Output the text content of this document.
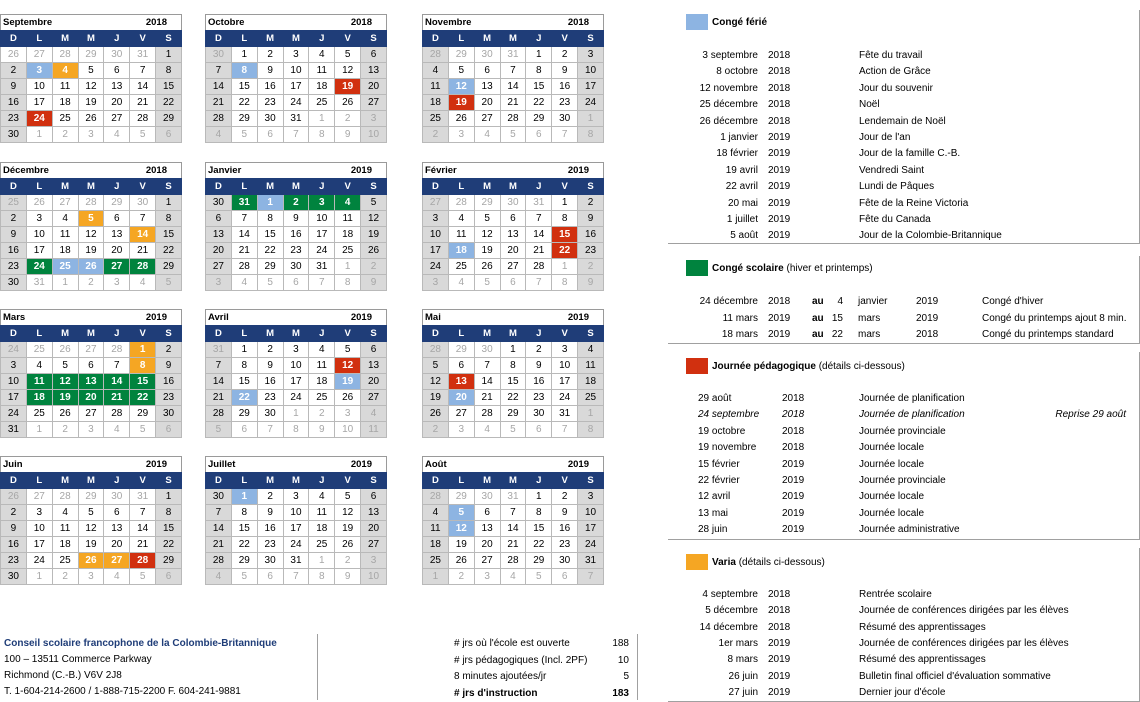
Septembre	2018
D	L	M	M	J	V	S
26	27	28	29	30	31	1
2	3	4	5	6	7	8
9	10	11	12	13	14	15
16	17	18	19	20	21	22
23	24	25	26	27	28	29
30	1	2	3	4	5	6
Octobre	2018
D	L	M	M	J	V	S
30	1	2	3	4	5	6
7	8	9	10	11	12	13
14	15	16	17	18	19	20
21	22	23	24	25	26	27
28	29	30	31	1	2	3
4	5	6	7	8	9	10
Novembre	2018
D	L	M	M	J	V	S
28	29	30	31	1	2	3
4	5	6	7	8	9	10
11	12	13	14	15	16	17
18	19	20	21	22	23	24
25	26	27	28	29	30	1
2	3	4	5	6	7	8
Décembre	2018
D	L	M	M	J	V	S
25	26	27	28	29	30	1
2	3	4	5	6	7	8
9	10	11	12	13	14	15
16	17	18	19	20	21	22
23	24	25	26	27	28	29
30	31	1	2	3	4	5
Janvier	2019
D	L	M	M	J	V	S
30	31	1	2	3	4	5
6	7	8	9	10	11	12
13	14	15	16	17	18	19
20	21	22	23	24	25	26
27	28	29	30	31	1	2
3	4	5	6	7	8	9
Février	2019
D	L	M	M	J	V	S
27	28	29	30	31	1	2
3	4	5	6	7	8	9
10	11	12	13	14	15	16
17	18	19	20	21	22	23
24	25	26	27	28	1	2
3	4	5	6	7	8	9
Mars	2019
D	L	M	M	J	V	S
24	25	26	27	28	1	2
3	4	5	6	7	8	9
10	11	12	13	14	15	16
17	18	19	20	21	22	23
24	25	26	27	28	29	30
31	1	2	3	4	5	6
Avril	2019
D	L	M	M	J	V	S
31	1	2	3	4	5	6
7	8	9	10	11	12	13
14	15	16	17	18	19	20
21	22	23	24	25	26	27
28	29	30	1	2	3	4
5	6	7	8	9	10	11
Mai	2019
D	L	M	M	J	V	S
28	29	30	1	2	3	4
5	6	7	8	9	10	11
12	13	14	15	16	17	18
19	20	21	22	23	24	25
26	27	28	29	30	31	1
2	3	4	5	6	7	8
Juin	2019
D	L	M	M	J	V	S
26	27	28	29	30	31	1
2	3	4	5	6	7	8
9	10	11	12	13	14	15
16	17	18	19	20	21	22
23	24	25	26	27	28	29
30	1	2	3	4	5	6
Juillet	2019
D	L	M	M	J	V	S
30	1	2	3	4	5	6
7	8	9	10	11	12	13
14	15	16	17	18	19	20
21	22	23	24	25	26	27
28	29	30	31	1	2	3
4	5	6	7	8	9	10
Août	2019
D	L	M	M	J	V	S
28	29	30	31	1	2	3
4	5	6	7	8	9	10
11	12	13	14	15	16	17
18	19	20	21	22	23	24
25	26	27	28	29	30	31
1	2	3	4	5	6	7
Congé férié
Congé scolaire
(hiver et printemps)
Journée pédagogique
(détails ci-dessous)
Varia
(détails ci-dessous)
3 septembre 2018	Fête du travail
8 octobre 2018	Action de Grâce
12 novembre 2018	Jour du souvenir
25 décembre 2018	Noël
26 décembre 2018	Lendemain de Noël
1 janvier 2019	Jour de l'an
18 février 2019	Jour de la famille C.-B.
19 avril 2019	Vendredi Saint
22 avril 2019	Lundi de Pâques
20 mai 2019	Fête de la Reine Victoria
1 juillet 2019	Fête du Canada
5 août 2019	Jour de la Colombie-Britannique
24 décembre 2018 au 4 janvier	2019	Congé d'hiver
11 mars 2019 au 15 mars	2019	Congé du printemps ajout 8 min.
18 mars 2019 au 22 mars	2018	Congé du printemps standard
29 août	2018	Journée de planification
24 septembre 2018	Journée de planification	Reprise 29 août
19 octobre	2018	Journée provinciale
19 novembre	2018	Journée locale
15 février	2019	Journée locale
22 février	2019	Journée provinciale
12 avril	2019	Journée locale
13 mai	2019	Journée locale
28 juin	2019	Journée administrative
4 septembre 2018	Rentrée scolaire
5 décembre 2018	Journée de conférences dirigées par les élèves
14 décembre 2018	Résumé des apprentissages
1er mars 2019	Journée de conférences dirigées par les élèves
8 mars 2019	Résumé des apprentissages
26 juin 2019	Bulletin final officiel d'évaluation sommative
27 juin 2019	Dernier jour d'école
Conseil scolaire francophone de la Colombie-Britannique
100 – 13511 Commerce Parkway
Richmond (C.-B.) V6V 2J8
T. 1-604-214-2600 / 1-888-715-2200 F. 604-241-9881
# jrs où l'école est ouverte	188
# jrs pédagogiques (Incl. 2PF)	10
8 minutes ajoutées/jr	5
# jrs d'instruction	183
